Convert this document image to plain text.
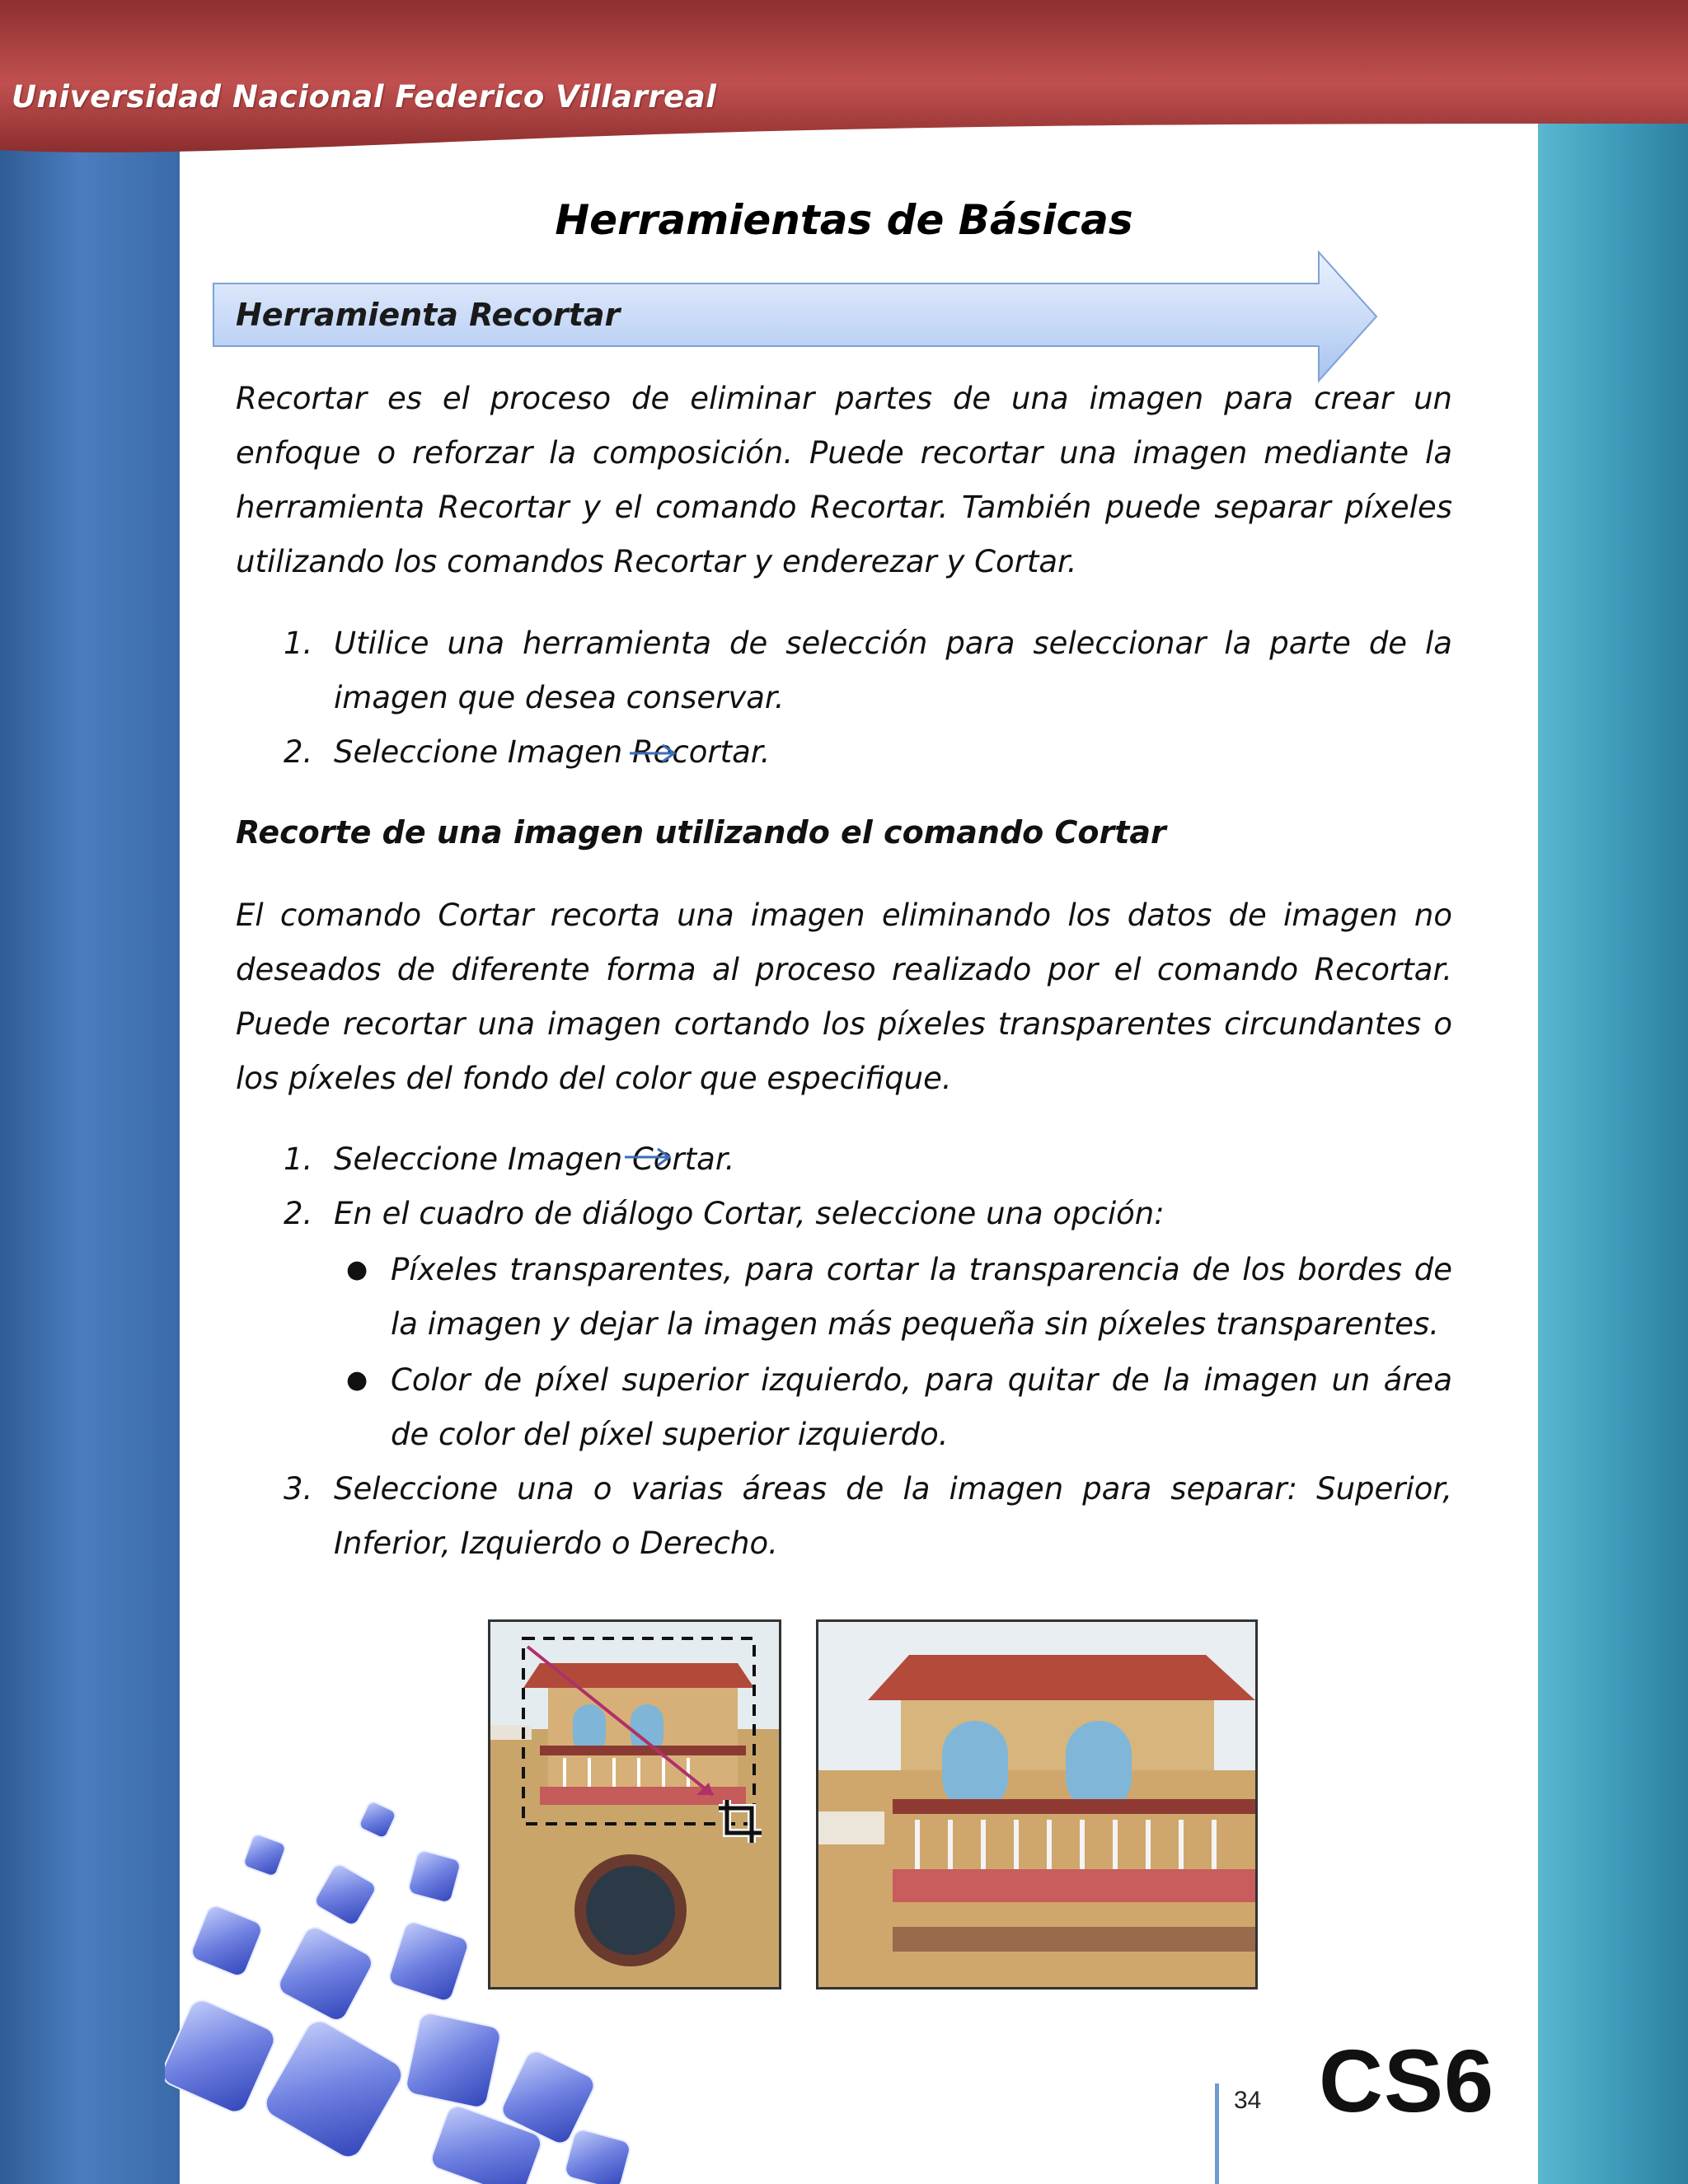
Universidad Nacional Federico Villarreal
Herramientas de Básicas
Herramienta Recortar

Recortar es el proceso de eliminar partes de una imagen para crear un enfoque o reforzar la composición. Puede recortar una imagen mediante la herramienta Recortar y el comando Recortar. También puede separar píxeles utilizando los comandos Recortar y enderezar y Cortar.

1. Utilice una herramienta de selección para seleccionar la parte de la imagen que desea conservar.
2. Seleccione Imagen Recortar.
Recorte de una imagen utilizando el comando Cortar

El comando Cortar recorta una imagen eliminando los datos de imagen no deseados de diferente forma al proceso realizado por el comando Recortar. Puede recortar una imagen cortando los píxeles transparentes circundantes o los píxeles del fondo del color que especifique.

1. Seleccione Imagen Cortar.
2. En el cuadro de diálogo Cortar, seleccione una opción:
● Píxeles transparentes, para cortar la transparencia de los bordes de la imagen y dejar la imagen más pequeña sin píxeles transparentes.
● Color de píxel superior izquierdo, para quitar de la imagen un área de color del píxel superior izquierdo.
3. Seleccione una o varias áreas de la imagen para separar: Superior, Inferior, Izquierdo o Derecho.
34 CS6
